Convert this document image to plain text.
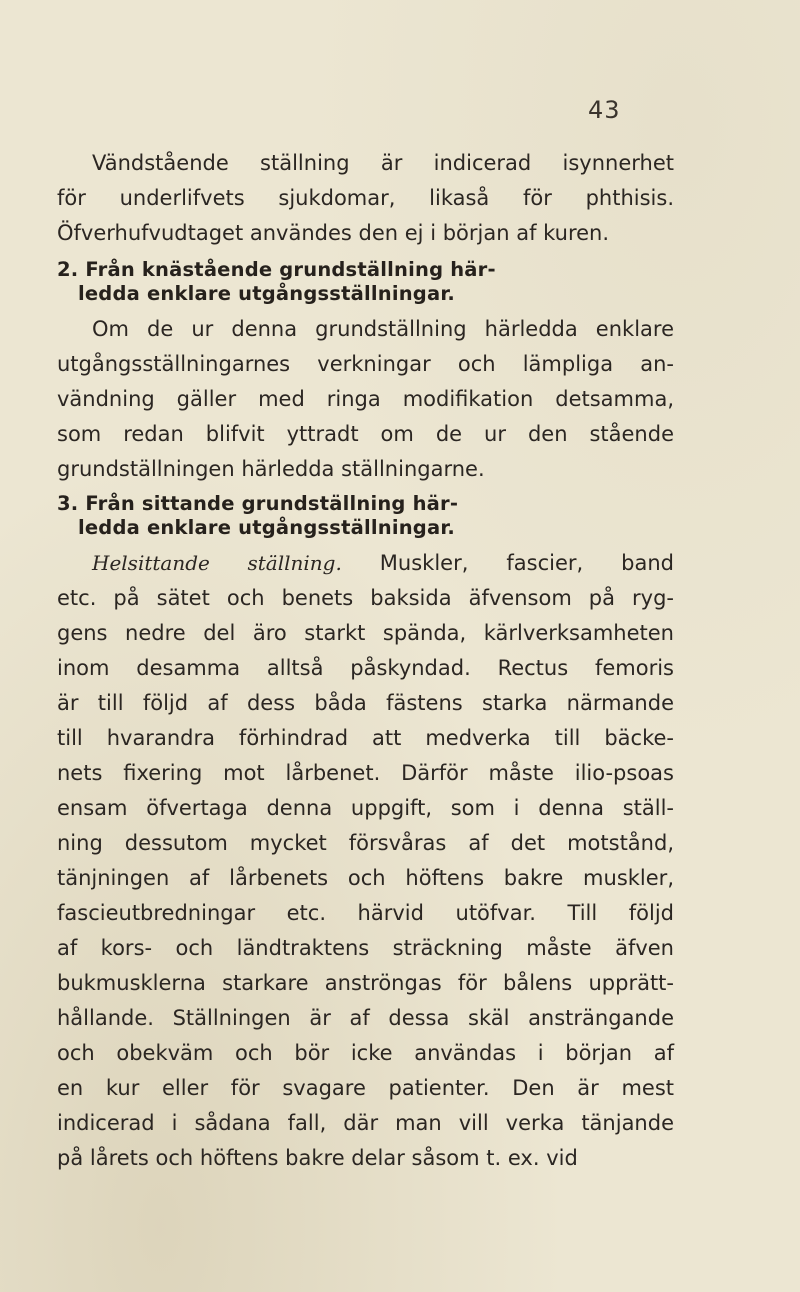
43

Vändstående ställning är indicerad isynnerhet
för underlifvets sjukdomar, likaså för phthisis.
Öfverhufvudtaget användes den ej i början af kuren.

2. Från knästående grundställning här-
ledda enklare utgångsställningar.

Om de ur denna grundställning härledda enklare
utgångsställningarnes verkningar och lämpliga an-
vändning gäller med ringa modifikation detsamma,
som redan blifvit yttradt om de ur den stående
grundställningen härledda ställningarne.

3. Från sittande grundställning här-
ledda enklare utgångsställningar.

Helsittande ställning. Muskler, fascier, band
etc. på sätet och benets baksida äfvensom på ryg-
gens nedre del äro starkt spända, kärlverksamheten
inom desamma alltså påskyndad. Rectus femoris
är till följd af dess båda fästens starka närmande
till hvarandra förhindrad att medverka till bäcke-
nets fixering mot lårbenet. Därför måste ilio-psoas
ensam öfvertaga denna uppgift, som i denna ställ-
ning dessutom mycket försvåras af det motstånd,
tänjningen af lårbenets och höftens bakre muskler,
fascieutbredningar etc. härvid utöfvar. Till följd
af kors- och ländtraktens sträckning måste äfven
bukmusklerna starkare anströngas för bålens upprätt-
hållande. Ställningen är af dessa skäl ansträngande
och obekväm och bör icke användas i början af
en kur eller för svagare patienter. Den är mest
indicerad i sådana fall, där man vill verka tänjande
på lårets och höftens bakre delar såsom t. ex. vid
